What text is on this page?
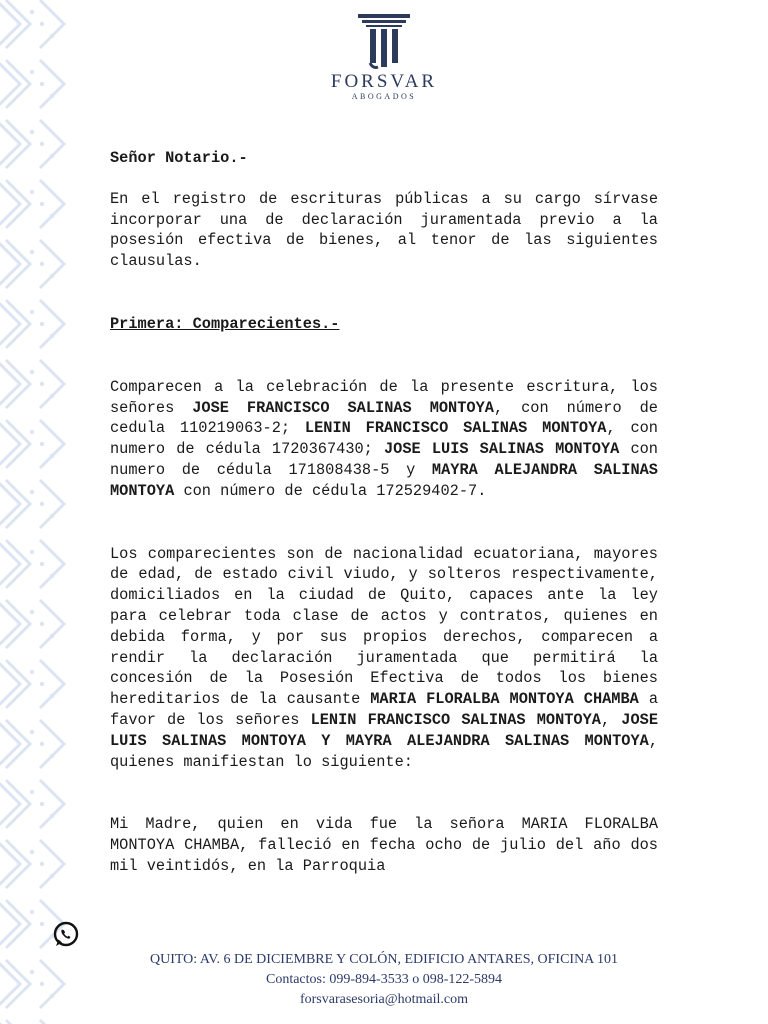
FORSVAR
ABOGADOS

Señor Notario.-

En el registro de escrituras públicas a su cargo sírvase incorporar una de declaración juramentada previo a la posesión efectiva de bienes, al tenor de las siguientes clausulas.

Primera: Comparecientes.-

Comparecen a la celebración de la presente escritura, los señores JOSE FRANCISCO SALINAS MONTOYA, con número de cedula 110219063-2; LENIN FRANCISCO SALINAS MONTOYA, con numero de cédula 1720367430; JOSE LUIS SALINAS MONTOYA con numero de cédula 171808438-5 y MAYRA ALEJANDRA SALINAS MONTOYA con número de cédula 172529402-7.

Los comparecientes son de nacionalidad ecuatoriana, mayores de edad, de estado civil viudo, y solteros respectivamente, domiciliados en la ciudad de Quito, capaces ante la ley para celebrar toda clase de actos y contratos, quienes en debida forma, y por sus propios derechos, comparecen a rendir la declaración juramentada que permitirá la concesión de la Posesión Efectiva de todos los bienes hereditarios de la causante MARIA FLORALBA MONTOYA CHAMBA a favor de los señores LENIN FRANCISCO SALINAS MONTOYA, JOSE LUIS SALINAS MONTOYA Y MAYRA ALEJANDRA SALINAS MONTOYA, quienes manifiestan lo siguiente:

Mi Madre, quien en vida fue la señora MARIA FLORALBA MONTOYA CHAMBA, falleció en fecha ocho de julio del año dos mil veintidós, en la Parroquia

QUITO: AV. 6 DE DICIEMBRE Y COLÓN, EDIFICIO ANTARES, OFICINA 101
Contactos: 099-894-3533 o 098-122-5894
forsvarasesoria@hotmail.com
